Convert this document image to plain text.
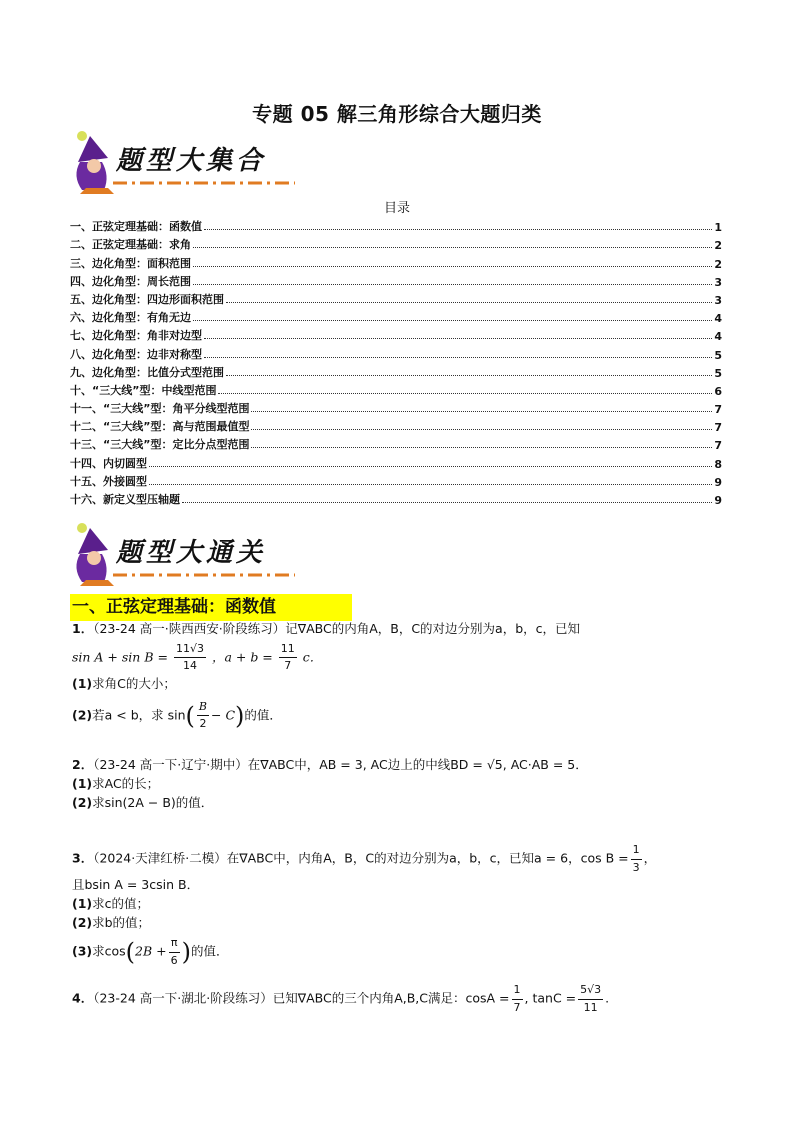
专题 05 解三角形综合大题归类
题型大集合
目录
一、正弦定理基础：函数值	1
二、正弦定理基础：求角	2
三、边化角型：面积范围	2
四、边化角型：周长范围	3
五、边化角型：四边形面积范围	3
六、边化角型：有角无边	4
七、边化角型：角非对边型	4
八、边化角型：边非对称型	5
九、边化角型：比值分式型范围	5
十、“三大线”型：中线型范围	6
十一、“三大线”型：角平分线型范围	7
十二、“三大线”型：高与范围最值型	7
十三、“三大线”型：定比分点型范围	7
十四、内切圆型	8
十五、外接圆型	9
十六、新定义型压轴题	9
题型大通关
一、正弦定理基础：函数值
1．（23-24 高一·陕西西安·阶段练习）记∇ABC的内角A，B，C的对边分别为a，b，c，已知
$\sin A + \sin B = \frac{11√3}{14}$ ，$a + b = \frac{11}{7}$ c．
(1)求角C的大小；
(2)若a < b，求 $\sin( \frac{B}{2} - C)$的值．
2．（23-24 高一下·辽宁·期中）在∇ABC中，AB = 3, AC边上的中线BD = √5, AC·AB = 5．
(1)求AC的长；
(2)求sin(2A − B)的值．
3．（2024·天津红桥·二模）在∇ABC中，内角A，B，C的对边分别为a，b，c，已知a = 6，$\cos B = \frac{1}{3}$ ，
且bsin A = 3csin B．
(1)求c的值；
(2)求b的值；
(3)求$\cos(2B + \frac{\pi}{6}$ )的值．
4．（23-24 高一下·湖北·阶段练习）已知∇ABC的三个内角A,B,C满足：$\cos A = \frac{1}{7}$ , $\tan C = \frac{5√3}{11}$ .
